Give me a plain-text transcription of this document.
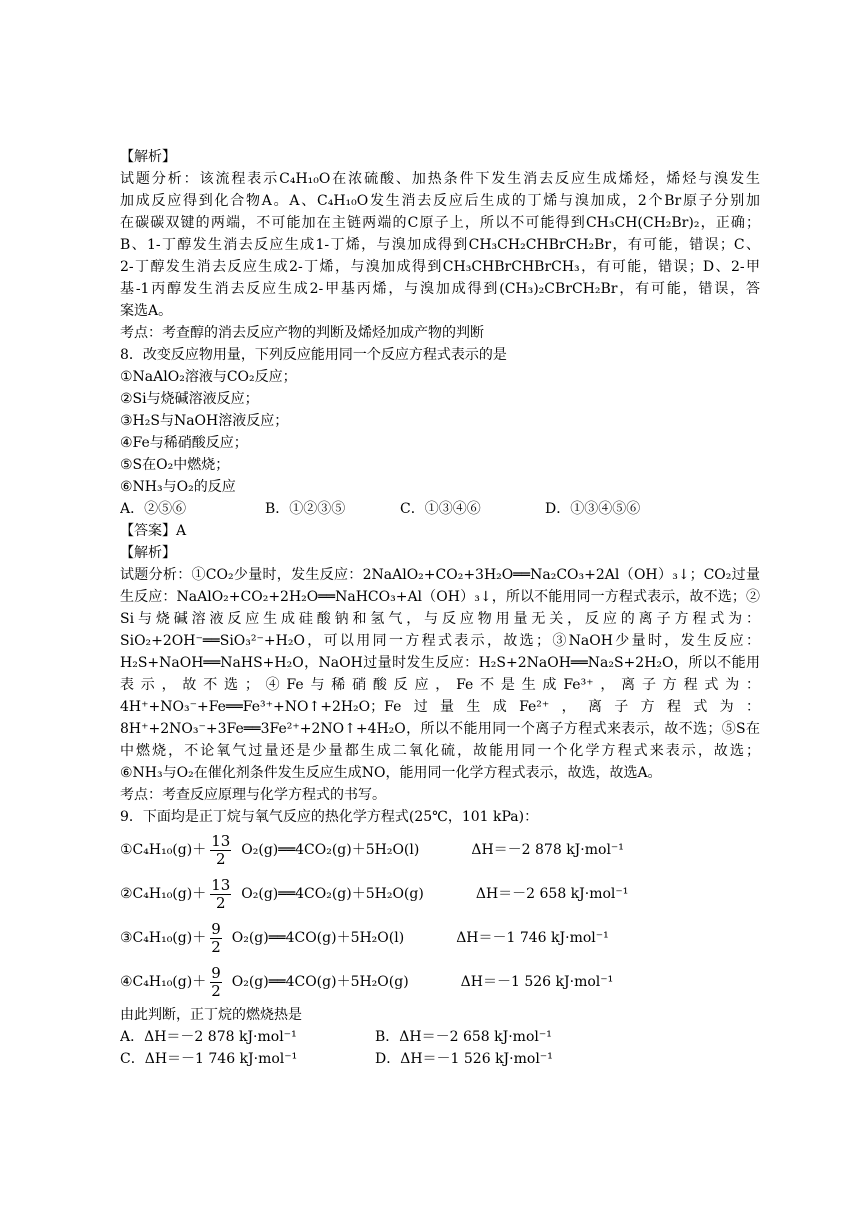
【解析】
试题分析：该流程表示C₄H₁₀O在浓硫酸、加热条件下发生消去反应生成烯烃，烯烃与溴发生
加成反应得到化合物A。A、C₄H₁₀O发生消去反应后生成的丁烯与溴加成，2个Br原子分别加
在碳碳双键的两端，不可能加在主链两端的C原子上，所以不可能得到CH₃CH(CH₂Br)₂，正确；
B、1-丁醇发生消去反应生成1-丁烯，与溴加成得到CH₃CH₂CHBrCH₂Br，有可能，错误；C、
2-丁醇发生消去反应生成2-丁烯，与溴加成得到CH₃CHBrCHBrCH₃，有可能，错误；D、2-甲
基-1丙醇发生消去反应生成2-甲基丙烯，与溴加成得到(CH₃)₂CBrCH₂Br，有可能，错误，答
案选A。
考点：考查醇的消去反应产物的判断及烯烃加成产物的判断
8．改变反应物用量，下列反应能用同一个反应方程式表示的是
①NaAlO₂溶液与CO₂反应；
②Si与烧碱溶液反应；
③H₂S与NaOH溶液反应；
④Fe与稀硝酸反应；
⑤S在O₂中燃烧；
⑥NH₃与O₂的反应
A．②⑤⑥	B．①②③⑤	C．①③④⑥	D．①③④⑤⑥
【答案】A
【解析】
试题分析：①CO₂少量时，发生反应：2NaAlO₂+CO₂+3H₂O══Na₂CO₃+2Al（OH）₃↓；CO₂过量
生反应：NaAlO₂+CO₂+2H₂O══NaHCO₃+Al（OH）₃↓，所以不能用同一方程式表示，故不选；②
Si与烧碱溶液反应生成硅酸钠和氢气，与反应物用量无关，反应的离子方程式为：
SiO₂+2OH⁻══SiO₃²⁻+H₂O，可以用同一方程式表示，故选；③NaOH少量时，发生反应：
H₂S+NaOH══NaHS+H₂O，NaOH过量时发生反应：H₂S+2NaOH══Na₂S+2H₂O，所以不能用
表示，故不选；④Fe与稀硝酸反应，Fe不是生成Fe³⁺，离子方程式为：
4H⁺+NO₃⁻+Fe══Fe³⁺+NO↑+2H₂O；Fe过量生成Fe²⁺，离子方程式为：
8H⁺+2NO₃⁻+3Fe══3Fe²⁺+2NO↑+4H₂O，所以不能用同一个离子方程式来表示，故不选；⑤S在
中燃烧，不论氧气过量还是少量都生成二氧化硫，故能用同一个化学方程式来表示，故选；
⑥NH₃与O₂在催化剂条件发生反应生成NO，能用同一化学方程式表示，故选，故选A。
考点：考查反应原理与化学方程式的书写。
9．下面均是正丁烷与氧气反应的热化学方程式(25℃，101 kPa)：
①C₄H₁₀(g)＋ $\frac{13}{2}$ O₂(g)══4CO₂(g)＋5H₂O(l)	ΔH＝－2 878 kJ·mol⁻¹
②C₄H₁₀(g)＋ $\frac{13}{2}$ O₂(g)══4CO₂(g)＋5H₂O(g)	ΔH＝－2 658 kJ·mol⁻¹
③C₄H₁₀(g)＋ $\frac{9}{2}$ O₂(g)══4CO(g)＋5H₂O(l)	ΔH＝－1 746 kJ·mol⁻¹
④C₄H₁₀(g)＋ $\frac{9}{2}$ O₂(g)══4CO(g)＋5H₂O(g)	ΔH＝－1 526 kJ·mol⁻¹
由此判断，正丁烷的燃烧热是
A．ΔH＝－2 878 kJ·mol⁻¹	B．ΔH＝－2 658 kJ·mol⁻¹
C．ΔH＝－1 746 kJ·mol⁻¹	D．ΔH＝－1 526 kJ·mol⁻¹
